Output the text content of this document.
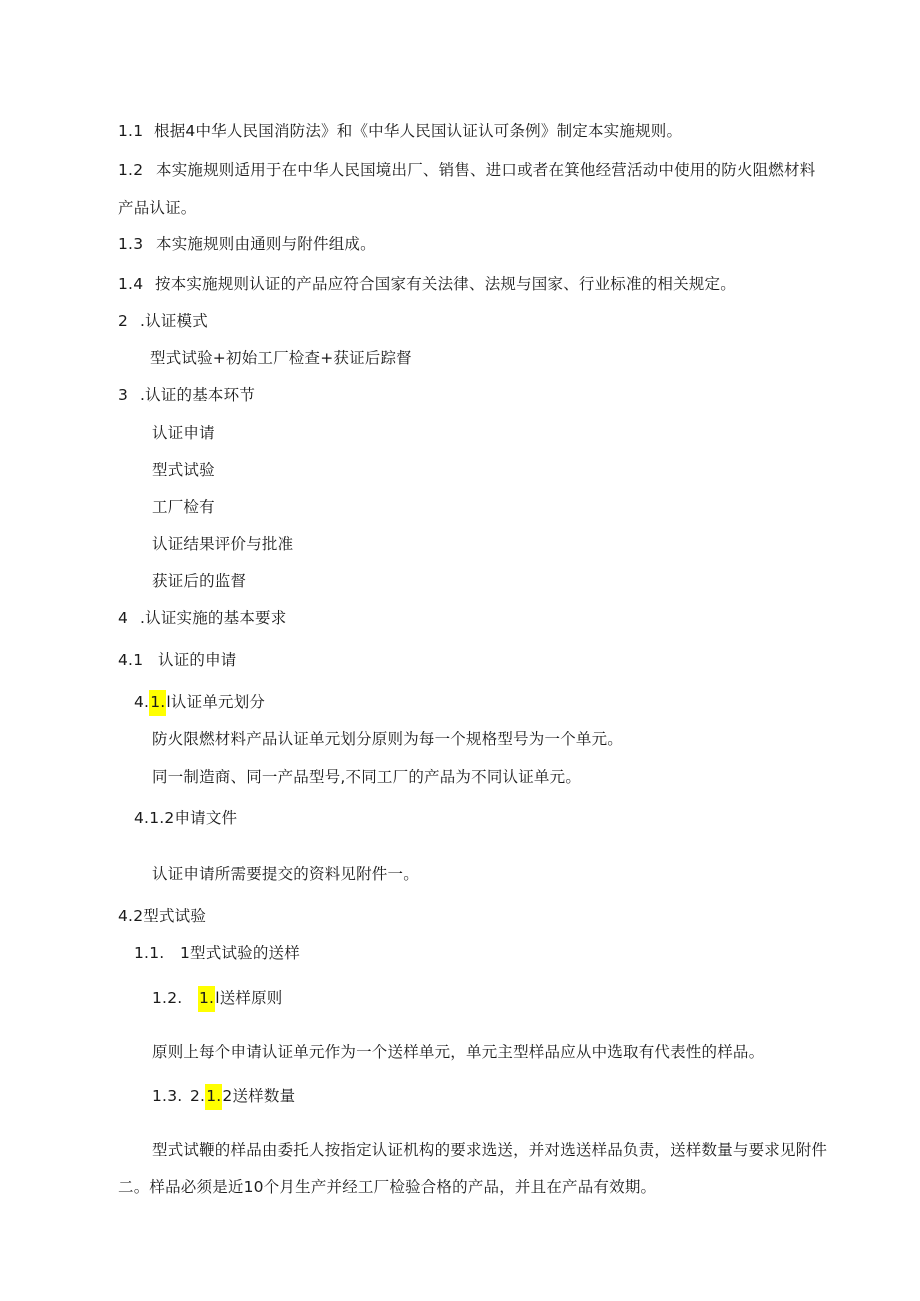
1.1 根据4中华人民国消防法》和《中华人民国认证认可条例》制定本实施规则。
1.2 本实施规则适用于在中华人民国境出厂、销售、进口或者在箕他经营活动中使用的防火阻燃材料
产品认证。
1.3 本实施规则由通则与附件组成。
1.4 按本实施规则认证的产品应符合国家有关法律、法规与国家、行业标准的相关规定。
2 .认证模式
型式试验+初始工厂检查+获证后踪督
3 .认证的基本环节
认证申请
型式试验
工厂检有
认证结果评价与批准
获证后的监督
4 .认证实施的基本要求
4.1 认证的申请
4.1.l认证单元划分
防火限燃材料产品认证单元划分原则为每一个规格型号为一个单元。
同一制造商、同一产品型号,不同工厂的产品为不同认证单元。
4.1.2申请文件
认证申请所需要提交的资料见附件一。
4.2型式试验
1.1. 1型式试验的送样
1.2. 1.l送样原则
原则上每个申请认证单元作为一个送样单元，单元主型样品应从中选取有代表性的样品。
1.3. 2.1.2送样数量
型式试鞭的样品由委托人按指定认证机构的要求选送，并对选送样品负责，送样数量与要求见附件
二。样品必须是近10个月生产并经工厂检验合格的产品，并且在产品有效期。
